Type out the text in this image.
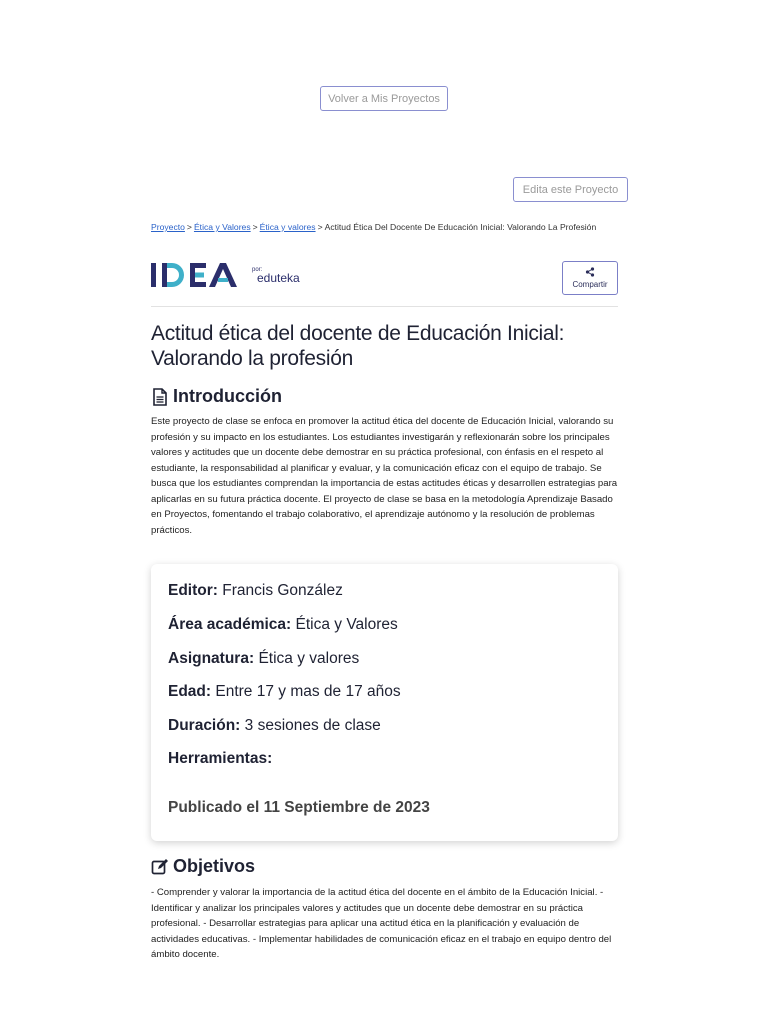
Volver a Mis Proyectos
Edita este Proyecto
Proyecto > Ética y Valores > Ética y valores > Actitud Ética Del Docente De Educación Inicial: Valorando La Profesión
por:
eduteka	Compartir
Actitud ética del docente de Educación Inicial: Valorando la profesión
Introducción

Este proyecto de clase se enfoca en promover la actitud ética del docente de Educación Inicial, valorando su profesión y su impacto en los estudiantes. Los estudiantes investigarán y reflexionarán sobre los principales valores y actitudes que un docente debe demostrar en su práctica profesional, con énfasis en el respeto al estudiante, la responsabilidad al planificar y evaluar, y la comunicación eficaz con el equipo de trabajo. Se busca que los estudiantes comprendan la importancia de estas actitudes éticas y desarrollen estrategias para aplicarlas en su futura práctica docente. El proyecto de clase se basa en la metodología Aprendizaje Basado en Proyectos, fomentando el trabajo colaborativo, el aprendizaje autónomo y la resolución de problemas prácticos.

Editor: Francis González
Área académica: Ética y Valores
Asignatura: Ética y valores
Edad: Entre 17 y mas de 17 años
Duración: 3 sesiones de clase
Herramientas:
Publicado el 11 Septiembre de 2023
Objetivos

- Comprender y valorar la importancia de la actitud ética del docente en el ámbito de la Educación Inicial. - Identificar y analizar los principales valores y actitudes que un docente debe demostrar en su práctica profesional. - Desarrollar estrategias para aplicar una actitud ética en la planificación y evaluación de actividades educativas. - Implementar habilidades de comunicación eficaz en el trabajo en equipo dentro del ámbito docente.
